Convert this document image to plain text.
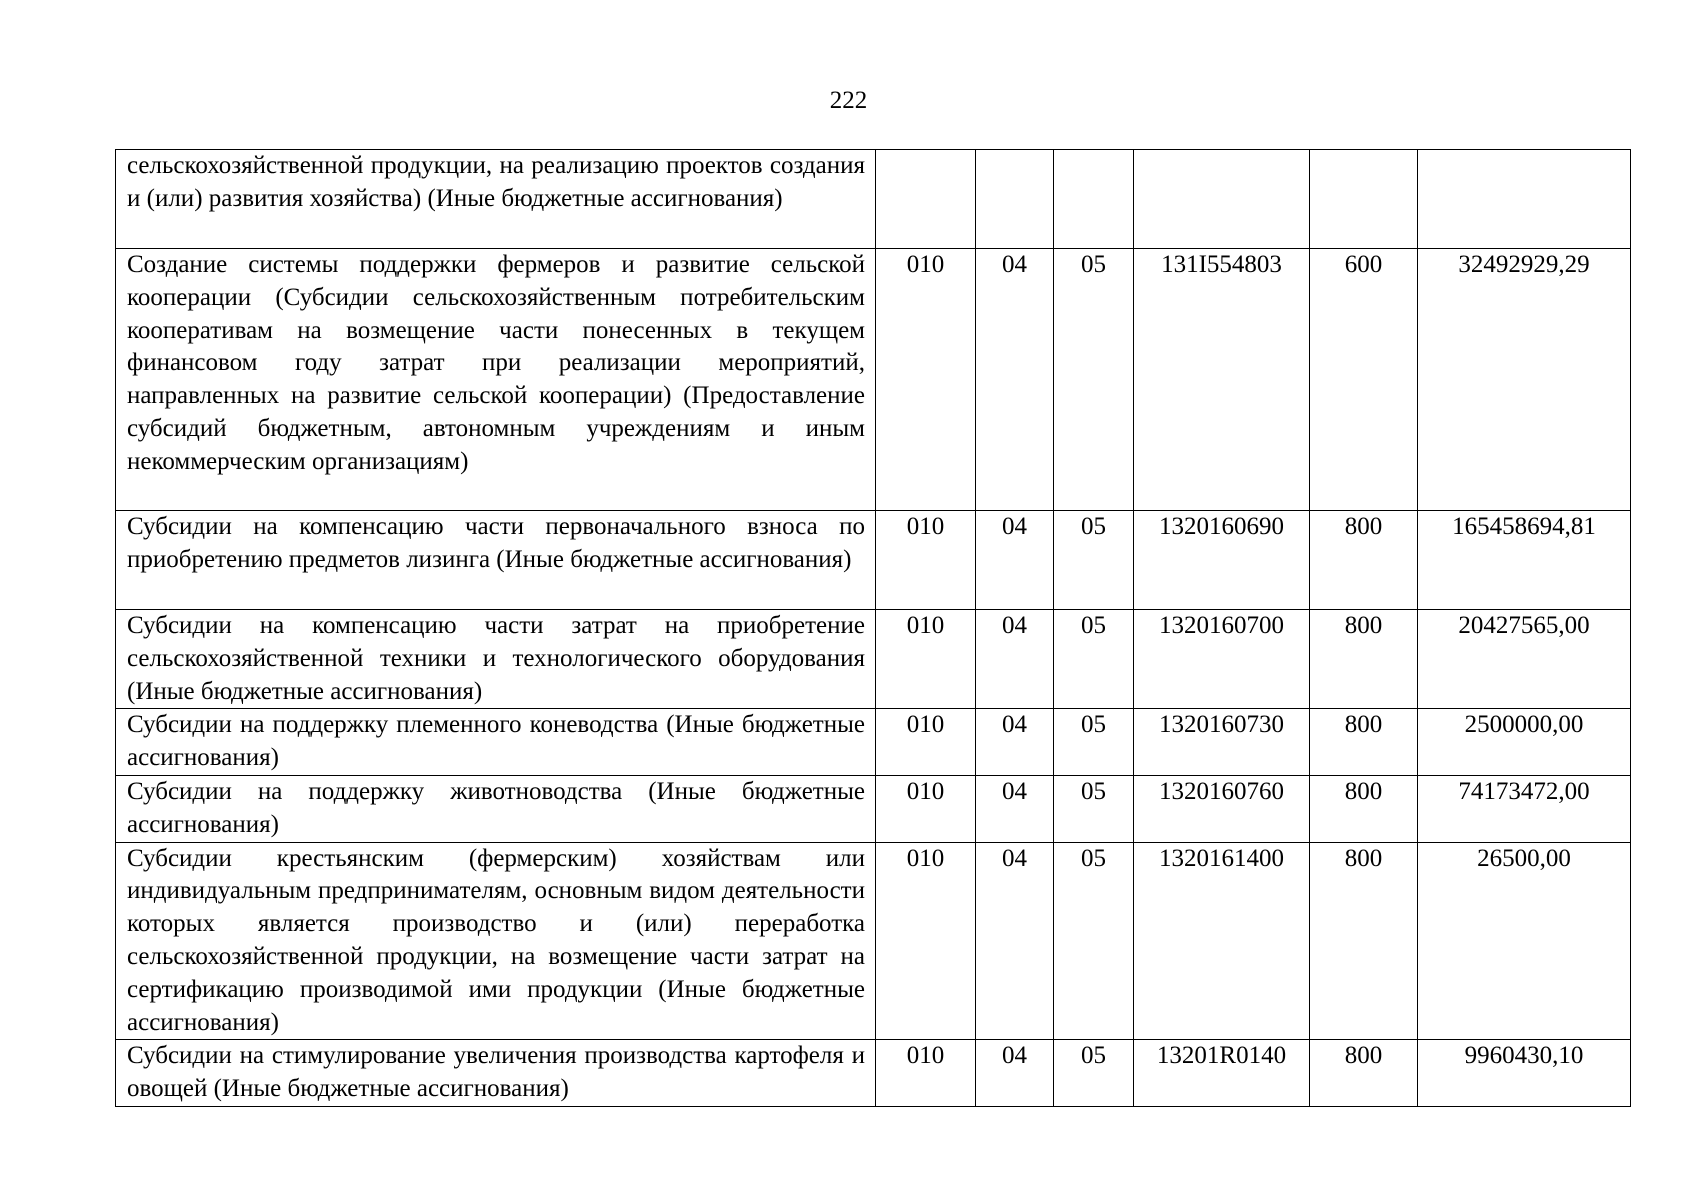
222
сельскохозяйственной продукции, на реализацию проектов создания и (или) развития хозяйства) (Иные бюджетные ассигнования)						
Создание системы поддержки фермеров и развитие сельской кооперации (Субсидии сельскохозяйственным потребительским кооперативам на возмещение части понесенных в текущем финансовом году затрат при реализации мероприятий, направленных на развитие сельской кооперации) (Предоставление субсидий бюджетным, автономным учреждениям и иным некоммерческим организациям)	010	04	05	131I554803	600	32492929,29
Субсидии на компенсацию части первоначального взноса по приобретению предметов лизинга (Иные бюджетные ассигнования)	010	04	05	1320160690	800	165458694,81
Субсидии на компенсацию части затрат на приобретение сельскохозяйственной техники и технологического оборудования (Иные бюджетные ассигнования)	010	04	05	1320160700	800	20427565,00
Субсидии на поддержку племенного коневодства (Иные бюджетные ассигнования)	010	04	05	1320160730	800	2500000,00
Субсидии на поддержку животноводства (Иные бюджетные ассигнования)	010	04	05	1320160760	800	74173472,00
Субсидии крестьянским (фермерским) хозяйствам или индивидуальным предпринимателям, основным видом деятельности которых является производство и (или) переработка сельскохозяйственной продукции, на возмещение части затрат на сертификацию производимой ими продукции (Иные бюджетные ассигнования)	010	04	05	1320161400	800	26500,00
Субсидии на стимулирование увеличения производства картофеля и овощей (Иные бюджетные ассигнования)	010	04	05	13201R0140	800	9960430,10
